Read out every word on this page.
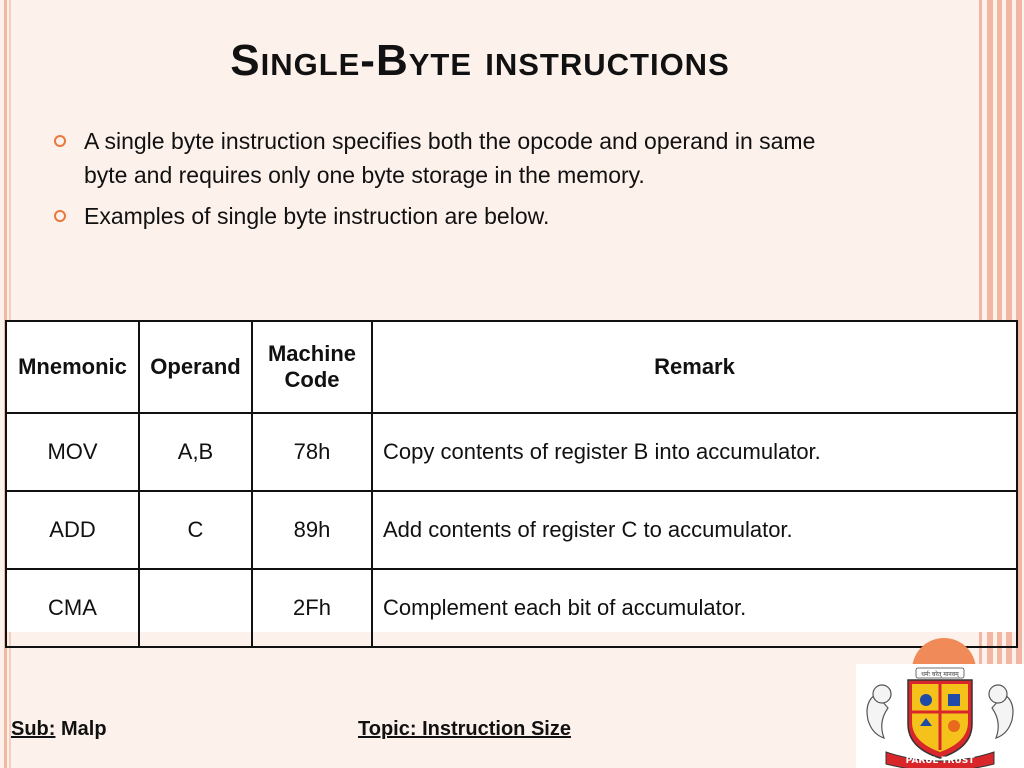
Single-Byte instructions
A single byte instruction specifies both the opcode and operand in same byte and requires only one byte storage in the memory.
Examples of single byte instruction are below.
Mnemonic	Operand	Machine Code	Remark
MOV	A,B	78h	Copy contents of register B into accumulator.
ADD	C	89h	Add contents of register C to accumulator.
CMA		2Fh	Complement each bit of accumulator.
Sub: Malp	Topic: Instruction Size
धर्मः चरेत् मानवम्
PARUL TRUST
